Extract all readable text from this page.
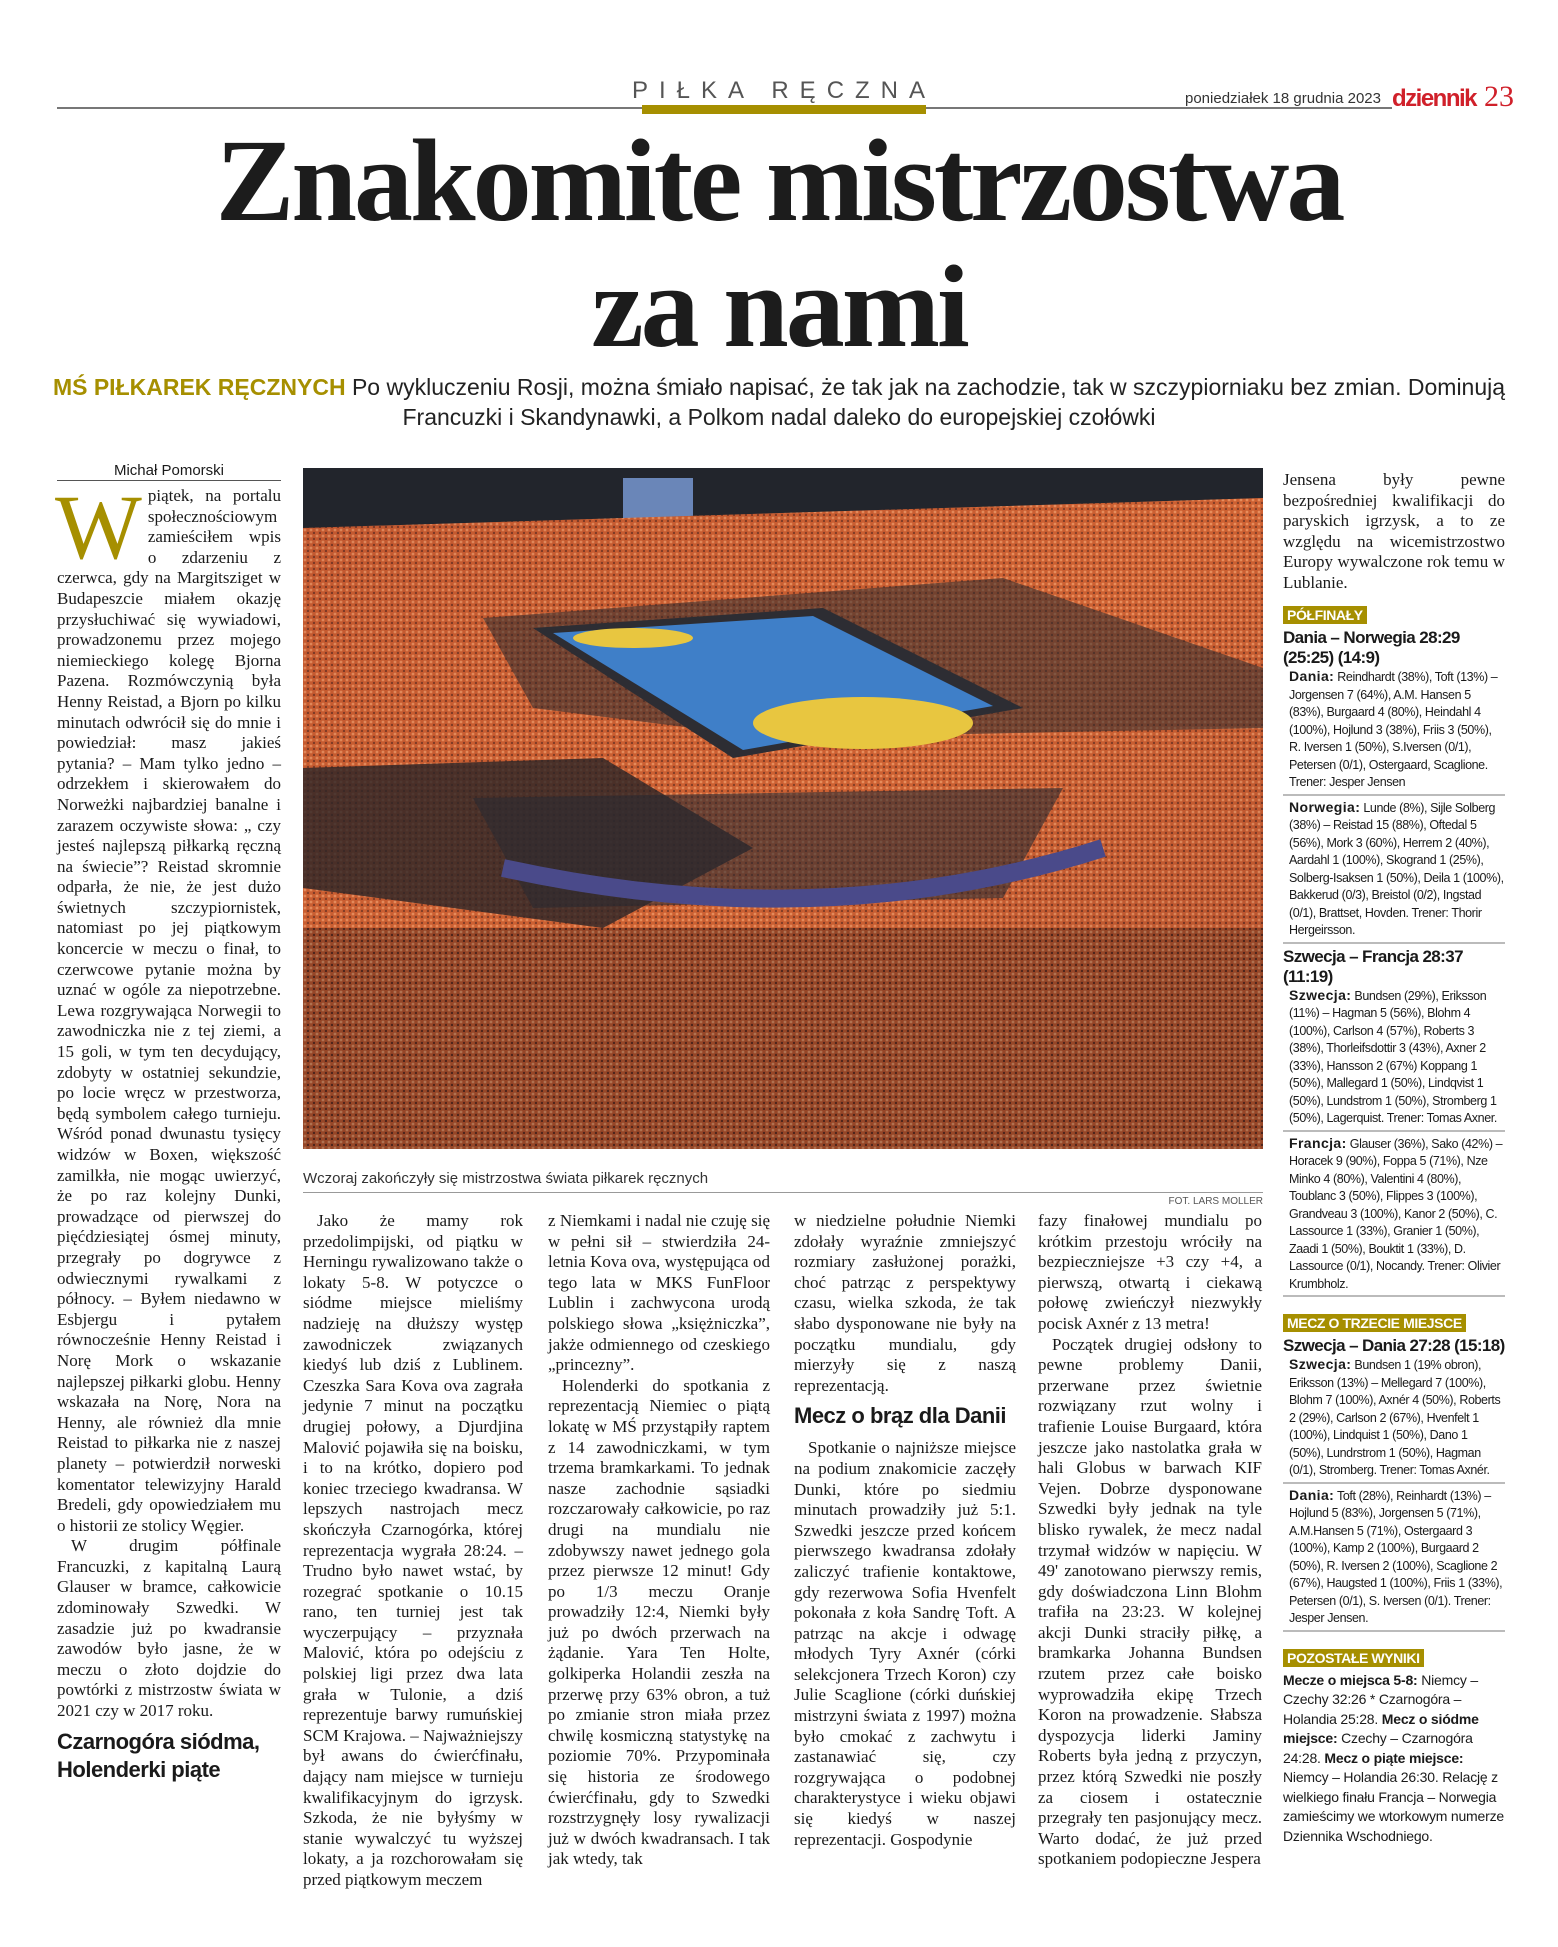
PIŁKA RĘCZNA	poniedziałek 18 grudnia 2023 dziennik 23
Znakomite mistrzostwa
za nami
MŚ PIŁKAREK RĘCZNYCH Po wykluczeniu Rosji, można śmiało napisać, że tak jak na zachodzie, tak w szczypiorniaku bez zmian. Dominują Francuzki i Skandynawki, a Polkom nadal daleko do europejskiej czołówki
Michał Pomorski
W piątek, na portalu społecznościowym zamieściłem wpis o zdarzeniu z czerwca, gdy na Margitsziget w Budapeszcie miałem okazję przysłuchiwać się wywiadowi, prowadzonemu przez mojego niemieckiego kolegę Bjorna Pazena. Rozmówczynią była Henny Reistad, a Bjorn po kilku minutach odwrócił się do mnie i powiedział: masz jakieś pytania? – Mam tylko jedno – odrzekłem i skierowałem do Norweżki najbardziej banalne i zarazem oczywiste słowa: „ czy jesteś najlepszą piłkarką ręczną na świecie”? Reistad skromnie odparła, że nie, że jest dużo świetnych szczypiornistek, natomiast po jej piątkowym koncercie w meczu o finał, to czerwcowe pytanie można by uznać w ogóle za niepotrzebne. Lewa rozgrywająca Norwegii to zawodniczka nie z tej ziemi, a 15 goli, w tym ten decydujący, zdobyty w ostatniej sekundzie, po locie wręcz w przestworza, będą symbolem całego turnieju. Wśród ponad dwunastu tysięcy widzów w Boxen, większość zamilkła, nie mogąc uwierzyć, że po raz kolejny Dunki, prowadzące od pierwszej do pięćdziesiątej ósmej minuty, przegrały po dogrywce z odwiecznymi rywalkami z północy. – Byłem niedawno w Esbjergu i pytałem równocześnie Henny Reistad i Norę Mork o wskazanie najlepszej piłkarki globu. Henny wskazała na Norę, Nora na Henny, ale również dla mnie Reistad to piłkarka nie z naszej planety – potwierdził norweski komentator telewizyjny Harald Bredeli, gdy opowiedziałem mu o historii ze stolicy Węgier.

W drugim półfinale Francuzki, z kapitalną Laurą Glauser w bramce, całkowicie zdominowały Szwedki. W zasadzie już po kwadransie zawodów było jasne, że w meczu o złoto dojdzie do powtórki z mistrzostw świata w 2021 czy w 2017 roku.

Czarnogóra siódma, Holenderki piąte
Wczoraj zakończyły się mistrzostwa świata piłkarek ręcznych
FOT. LARS MOLLER

Jako że mamy rok przedolimpijski, od piątku w Herningu rywalizowano także o lokaty 5-8. W potyczce o siódme miejsce mieliśmy nadzieję na dłuższy występ zawodniczek związanych kiedyś lub dziś z Lublinem. Czeszka Sara Kova ova zagrała jedynie 7 minut na początku drugiej połowy, a Djurdjina Malović pojawiła się na boisku, i to na krótko, dopiero pod koniec trzeciego kwadransa. W lepszych nastrojach mecz skończyła Czarnogórka, której reprezentacja wygrała 28:24. – Trudno było nawet wstać, by rozegrać spotkanie o 10.15 rano, ten turniej jest tak wyczerpujący – przyznała Malović, która po odejściu z polskiej ligi przez dwa lata grała w Tulonie, a dziś reprezentuje barwy rumuńskiej SCM Krajowa. – Najważniejszy był awans do ćwierćfinału, dający nam miejsce w turnieju kwalifikacyjnym do igrzysk. Szkoda, że nie byłyśmy w stanie wywalczyć tu wyższej lokaty, a ja rozchorowałam się przed piątkowym meczem

z Niemkami i nadal nie czuję się w pełni sił – stwierdziła 24-letnia Kova ova, występująca od tego lata w MKS FunFloor Lublin i zachwycona urodą polskiego słowa „księżniczka”, jakże odmiennego od czeskiego „princezny”.

Holenderki do spotkania z reprezentacją Niemiec o piątą lokatę w MŚ przystąpiły raptem z 14 zawodniczkami, w tym trzema bramkarkami. To jednak nasze zachodnie sąsiadki rozczarowały całkowicie, po raz drugi na mundialu nie zdobywszy nawet jednego gola przez pierwsze 12 minut! Gdy po 1/3 meczu Oranje prowadziły 12:4, Niemki były już po dwóch przerwach na żądanie. Yara Ten Holte, golkiperka Holandii zeszła na przerwę przy 63% obron, a tuż po zmianie stron miała przez chwilę kosmiczną statystykę na poziomie 70%. Przypominała się historia ze środowego ćwierćfinału, gdy to Szwedki rozstrzygnęły losy rywalizacji już w dwóch kwadransach. I tak jak wtedy, tak

w niedzielne południe Niemki zdołały wyraźnie zmniejszyć rozmiary zasłużonej porażki, choć patrząc z perspektywy czasu, wielka szkoda, że tak słabo dysponowane nie były na początku mundialu, gdy mierzyły się z naszą reprezentacją.

Mecz o brąz dla Danii

Spotkanie o najniższe miejsce na podium znakomicie zaczęły Dunki, które po siedmiu minutach prowadziły już 5:1. Szwedki jeszcze przed końcem pierwszego kwadransa zdołały zaliczyć trafienie kontaktowe, gdy rezerwowa Sofia Hvenfelt pokonała z koła Sandrę Toft. A patrząc na akcje i odwagę młodych Tyry Axnér (córki selekcjonera Trzech Koron) czy Julie Scaglione (córki duńskiej mistrzyni świata z 1997) można było cmokać z zachwytu i zastanawiać się, czy rozgrywająca o podobnej charakterystyce i wieku objawi się kiedyś w naszej reprezentacji. Gospodynie

fazy finałowej mundialu po krótkim przestoju wróciły na bezpieczniejsze +3 czy +4, a pierwszą, otwartą i ciekawą połowę zwieńczył niezwykły pocisk Axnér z 13 metra!

Początek drugiej odsłony to pewne problemy Danii, przerwane przez świetnie rozwiązany rzut wolny i trafienie Louise Burgaard, która jeszcze jako nastolatka grała w hali Globus w barwach KIF Vejen. Dobrze dysponowane Szwedki były jednak na tyle blisko rywalek, że mecz nadal trzymał widzów w napięciu. W 49' zanotowano pierwszy remis, gdy doświadczona Linn Blohm trafiła na 23:23. W kolejnej akcji Dunki straciły piłkę, a bramkarka Johanna Bundsen rzutem przez całe boisko wyprowadziła ekipę Trzech Koron na prowadzenie. Słabsza dyspozycja liderki Jaminy Roberts była jedną z przyczyn, przez którą Szwedki nie poszły za ciosem i ostatecznie przegrały ten pasjonujący mecz. Warto dodać, że już przed spotkaniem podopieczne Jespera

Jensena były pewne bezpośredniej kwalifikacji do paryskich igrzysk, a to ze względu na wicemistrzostwo Europy wywalczone rok temu w Lublanie.

PÓŁFINAŁY
Dania – Norwegia 28:29 (25:25) (14:9)
Dania: Reindhardt (38%), Toft (13%) – Jorgensen 7 (64%), A.M. Hansen 5 (83%), Burgaard 4 (80%), Heindahl 4 (100%), Hojlund 3 (38%), Friis 3 (50%), R. Iversen 1 (50%), S.Iversen (0/1), Petersen (0/1), Ostergaard, Scaglione. Trener: Jesper Jensen
Norwegia: Lunde (8%), Sijle Solberg (38%) – Reistad 15 (88%), Oftedal 5 (56%), Mork 3 (60%), Herrem 2 (40%), Aardahl 1 (100%), Skogrand 1 (25%), Solberg-Isaksen 1 (50%), Deila 1 (100%), Bakkerud (0/3), Breistol (0/2), Ingstad (0/1), Brattset, Hovden. Trener: Thorir Hergeirsson.
Szwecja – Francja 28:37 (11:19)
Szwecja: Bundsen (29%), Eriksson (11%) – Hagman 5 (56%), Blohm 4 (100%), Carlson 4 (57%), Roberts 3 (38%), Thorleifsdottir 3 (43%), Axner 2 (33%), Hansson 2 (67%) Koppang 1 (50%), Mallegard 1 (50%), Lindqvist 1 (50%), Lundstrom 1 (50%), Stromberg 1 (50%), Lagerquist. Trener: Tomas Axner.
Francja: Glauser (36%), Sako (42%) – Horacek 9 (90%), Foppa 5 (71%), Nze Minko 4 (80%), Valentini 4 (80%), Toublanc 3 (50%), Flippes 3 (100%), Grandveau 3 (100%), Kanor 2 (50%), C. Lassource 1 (33%), Granier 1 (50%), Zaadi 1 (50%), Bouktit 1 (33%), D. Lassource (0/1), Nocandy. Trener: Olivier Krumbholz.
MECZ O TRZECIE MIEJSCE
Szwecja – Dania 27:28 (15:18)
Szwecja: Bundsen 1 (19% obron), Eriksson (13%) – Mellegard 7 (100%), Blohm 7 (100%), Axnér 4 (50%), Roberts 2 (29%), Carlson 2 (67%), Hvenfelt 1 (100%), Lindquist 1 (50%), Dano 1 (50%), Lundrstrom 1 (50%), Hagman (0/1), Stromberg. Trener: Tomas Axnér.
Dania: Toft (28%), Reinhardt (13%) – Hojlund 5 (83%), Jorgensen 5 (71%), A.M.Hansen 5 (71%), Ostergaard 3 (100%), Kamp 2 (100%), Burgaard 2 (50%), R. Iversen 2 (100%), Scaglione 2 (67%), Haugsted 1 (100%), Friis 1 (33%), Petersen (0/1), S. Iversen (0/1). Trener: Jesper Jensen.
POZOSTAŁE WYNIKI
Mecze o miejsca 5-8: Niemcy – Czechy 32:26 * Czarnogóra – Holandia 25:28. Mecz o siódme miejsce: Czechy – Czarnogóra 24:28. Mecz o piąte miejsce: Niemcy – Holandia 26:30. Relację z wielkiego finału Francja – Norwegia zamieścimy we wtorkowym numerze Dziennika Wschodniego.
